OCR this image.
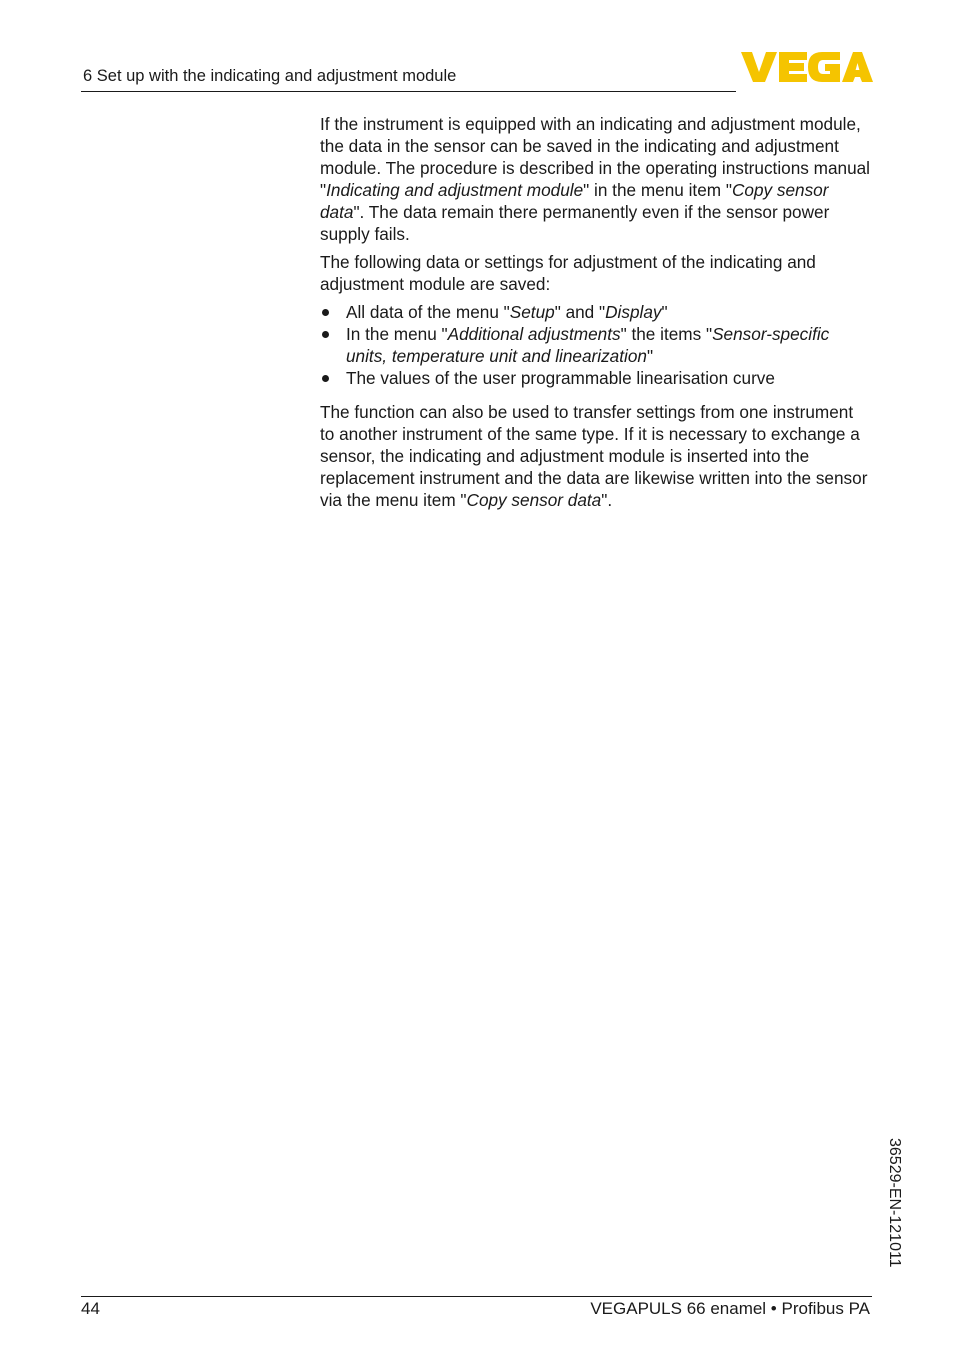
6 Set up with the indicating and adjustment module

If the instrument is equipped with an indicating and adjustment module, the data in the sensor can be saved in the indicating and adjustment module. The procedure is described in the operating instructions manual "Indicating and adjustment module" in the menu item "Copy sensor data". The data remain there permanently even if the sensor power supply fails.

The following data or settings for adjustment of the indicating and adjustment module are saved:

All data of the menu "Setup" and "Display"
In the menu "Additional adjustments" the items "Sensor-specific units, temperature unit and linearization"
The values of the user programmable linearisation curve

The function can also be used to transfer settings from one instrument to another instrument of the same type. If it is necessary to exchange a sensor, the indicating and adjustment module is inserted into the replacement instrument and the data are likewise written into the sensor via the menu item "Copy sensor data".

36529-EN-121011
44	VEGAPULS 66 enamel • Profibus PA
